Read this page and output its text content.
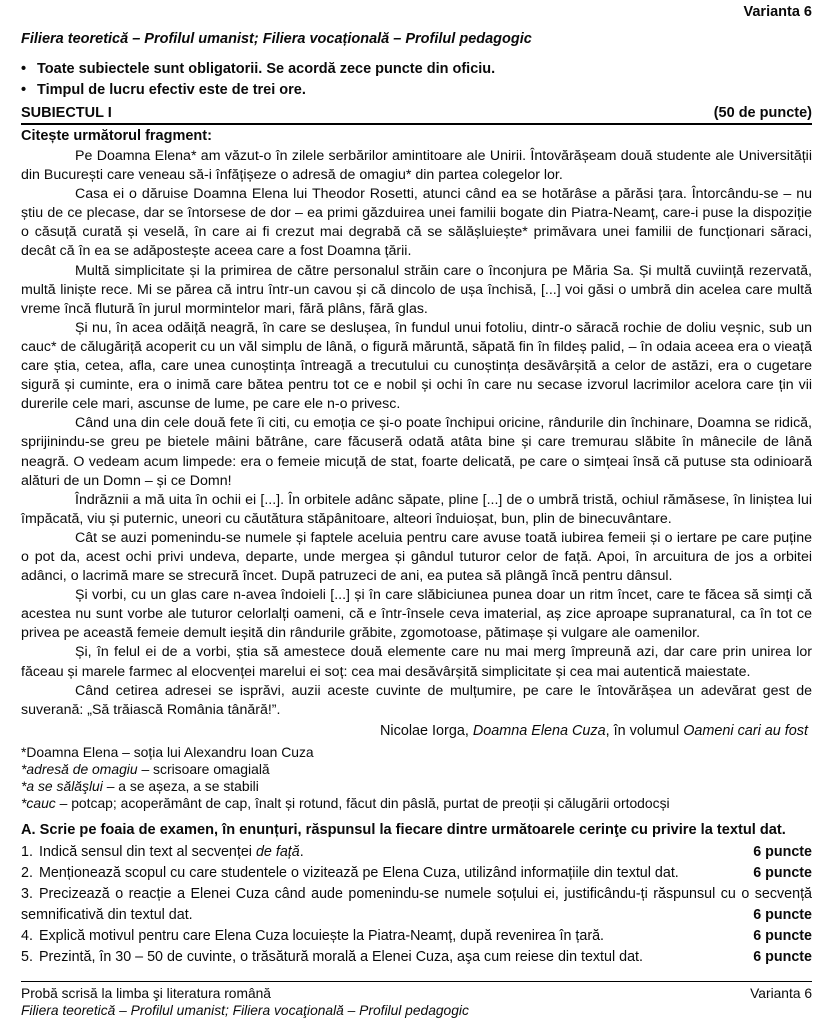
Varianta 6
Filiera teoretică – Profilul umanist; Filiera vocațională – Profilul pedagogic
• Toate subiectele sunt obligatorii. Se acordă zece puncte din oficiu.
• Timpul de lucru efectiv este de trei ore.
SUBIECTUL I	(50 de puncte)
Citește următorul fragment:

Pe Doamna Elena* am văzut-o în zilele serbărilor amintitoare ale Unirii. Întovărășeam două studente ale Universității din București care veneau să-i înfățișeze o adresă de omagiu* din partea colegelor lor.

Casa ei o dăruise Doamna Elena lui Theodor Rosetti, atunci când ea se hotărâse a părăsi țara. Întorcându-se – nu știu de ce plecase, dar se întorsese de dor – ea primi găzduirea unei familii bogate din Piatra-Neamț, care-i puse la dispoziție o căsuță curată și veselă, în care ai fi crezut mai degrabă că se sălășluiește* primăvara unei familii de funcționari săraci, decât că în ea se adăpostește aceea care a fost Doamna țării.

Multă simplicitate și la primirea de către personalul străin care o înconjura pe Măria Sa. Și multă cuviință rezervată, multă liniște rece. Mi se părea că intru într-un cavou și că dincolo de ușa închisă, [...] voi găsi o umbră din acelea care multă vreme încă flutură în jurul mormintelor mari, fără plâns, fără glas.

Și nu, în acea odăiță neagră, în care se deslușea, în fundul unui fotoliu, dintr-o săracă rochie de doliu veșnic, sub un cauc* de călugăriță acoperit cu un văl simplu de lână, o figură măruntă, săpată fin în fildeș palid, – în odaia aceea era o vieață care știa, cetea, afla, care unea cunoștința întreagă a trecutului cu cunoștința desăvârșită a celor de astăzi, era o cugetare sigură și cuminte, era o inimă care bătea pentru tot ce e nobil și ochi în care nu secase izvorul lacrimilor acelora care țin vii durerile cele mari, ascunse de lume, pe care ele n-o privesc.

Când una din cele două fete îi citi, cu emoția ce și-o poate închipui oricine, rândurile din închinare, Doamna se ridică, sprijinindu-se greu pe bietele mâini bătrâne, care făcuseră odată atâta bine și care tremurau slăbite în mânecile de lână neagră. O vedeam acum limpede: era o femeie micuță de stat, foarte delicată, pe care o simțeai însă că putuse sta odinioară alături de un Domn – și ce Domn!

Îndrăznii a mă uita în ochii ei [...]. În orbitele adânc săpate, pline [...] de o umbră tristă, ochiul rămăsese, în liniștea lui împăcată, viu și puternic, uneori cu căutătura stăpânitoare, alteori înduioșat, bun, plin de binecuvântare.

Cât se auzi pomenindu-se numele și faptele aceluia pentru care avuse toată iubirea femeii și o iertare pe care puține o pot da, acest ochi privi undeva, departe, unde mergea și gândul tuturor celor de față. Apoi, în arcuitura de jos a orbitei adânci, o lacrimă mare se strecură încet. După patruzeci de ani, ea putea să plângă încă pentru dânsul.

Și vorbi, cu un glas care n-avea îndoieli [...] și în care slăbiciunea punea doar un ritm încet, care te făcea să simți că acestea nu sunt vorbe ale tuturor celorlalți oameni, că e într-însele ceva imaterial, aș zice aproape supranatural, ca în tot ce privea pe această femeie demult ieșită din rândurile grăbite, zgomotoase, pătimașe și vulgare ale oamenilor.

Și, în felul ei de a vorbi, știa să amestece două elemente care nu mai merg împreună azi, dar care prin unirea lor făceau și marele farmec al elocvenței marelui ei soț: cea mai desăvârșită simplicitate și cea mai autentică maiestate.

Când cetirea adresei se isprăvi, auzii aceste cuvinte de mulțumire, pe care le întovărășea un adevărat gest de suverană: „Să trăiască România tânără!”.

Nicolae Iorga, Doamna Elena Cuza, în volumul Oameni cari au fost
*Doamna Elena – soția lui Alexandru Ioan Cuza
*adresă de omagiu – scrisoare omagială
*a se sălăşlui – a se așeza, a se stabili
*cauc – potcap; acoperământ de cap, înalt și rotund, făcut din pâslă, purtat de preoții și călugării ortodocși
A. Scrie pe foaia de examen, în enunțuri, răspunsul la fiecare dintre următoarele cerinţe cu privire la textul dat.
1. Indică sensul din text al secvenței de față.	6 puncte
2. Menționează scopul cu care studentele o vizitează pe Elena Cuza, utilizând informațiile din textul dat.	6 puncte
3. Precizează o reacție a Elenei Cuza când aude pomenindu-se numele soțului ei, justificându-ți răspunsul cu o secvență semnificativă din textul dat.	6 puncte
4. Explică motivul pentru care Elena Cuza locuiește la Piatra-Neamț, după revenirea în țară.	6 puncte
5. Prezintă, în 30 – 50 de cuvinte, o trăsătură morală a Elenei Cuza, aşa cum reiese din textul dat.	6 puncte
Probă scrisă la limba şi literatura română	Varianta 6
Filiera teoretică – Profilul umanist; Filiera vocaţională – Profilul pedagogic
